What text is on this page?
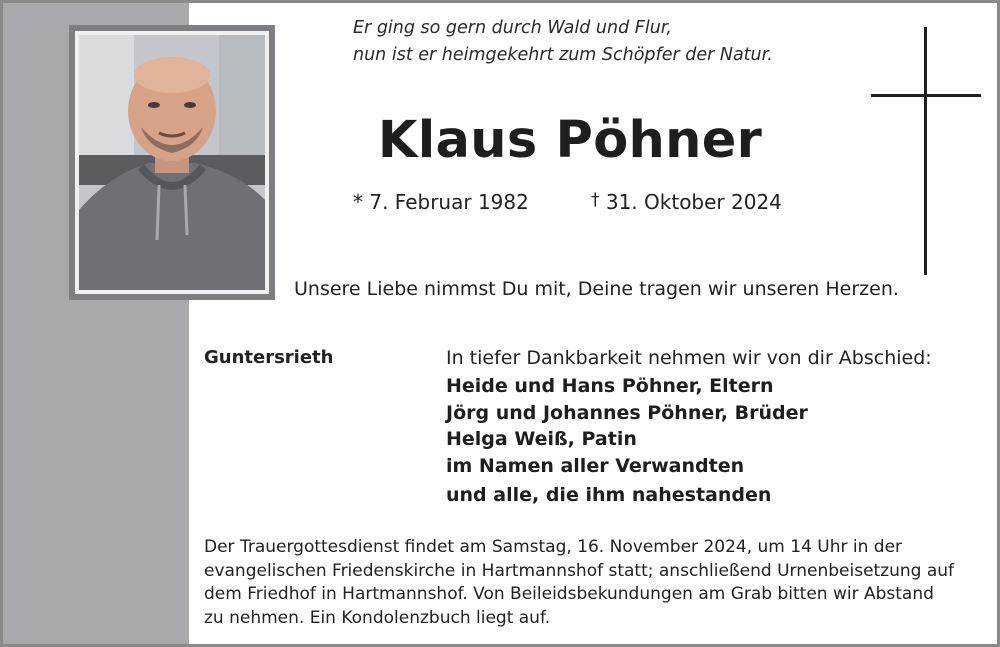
Er ging so gern durch Wald und Flur,
nun ist er heimgekehrt zum Schöpfer der Natur.
Klaus Pöhner
* 7. Februar 1982	† 31. Oktober 2024
Unsere Liebe nimmst Du mit, Deine tragen wir unseren Herzen.
Guntersrieth	In tiefer Dankbarkeit nehmen wir von dir Abschied:
Heide und Hans Pöhner, Eltern
Jörg und Johannes Pöhner, Brüder
Helga Weiß, Patin
im Namen aller Verwandten
und alle, die ihm nahestanden
Der Trauergottesdienst findet am Samstag, 16. November 2024, um 14 Uhr in der
evangelischen Friedenskirche in Hartmannshof statt; anschließend Urnenbeisetzung auf
dem Friedhof in Hartmannshof. Von Beileidsbekundungen am Grab bitten wir Abstand
zu nehmen. Ein Kondolenzbuch liegt auf.
